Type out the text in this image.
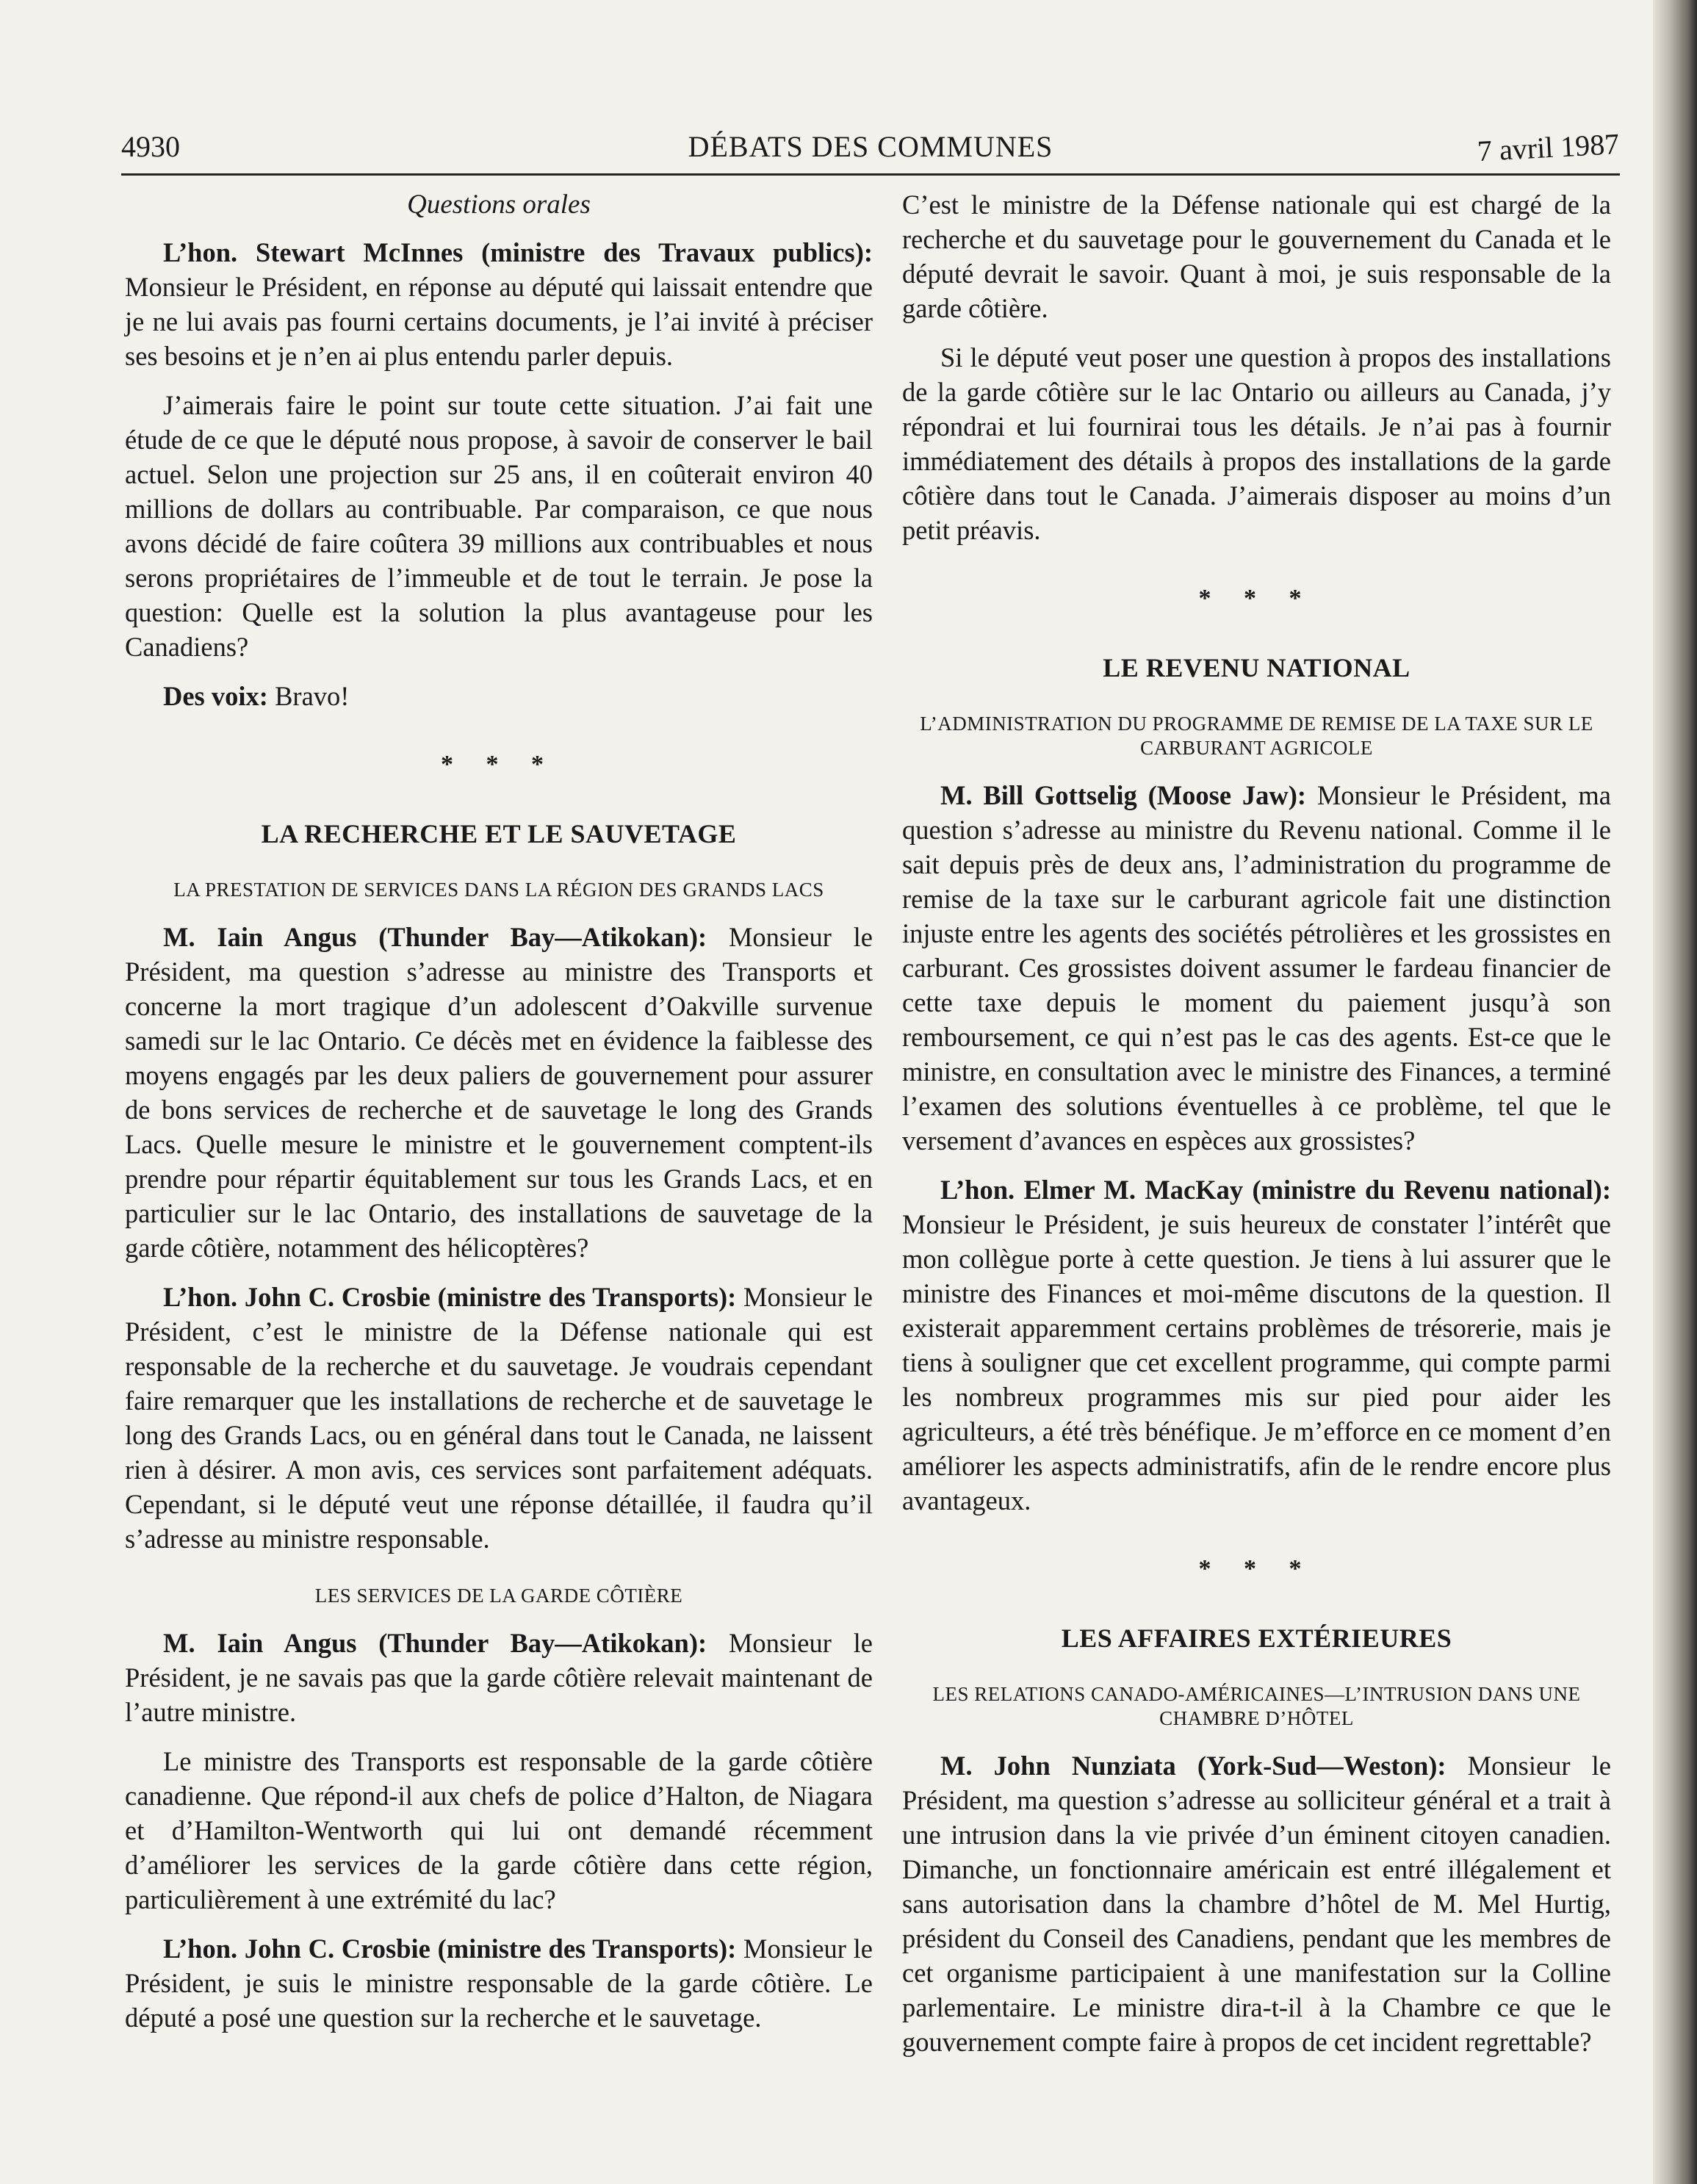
4930	DÉBATS DES COMMUNES	7 avril 1987
Questions orales

L’hon. Stewart McInnes (ministre des Travaux publics): Monsieur le Président, en réponse au député qui laissait entendre que je ne lui avais pas fourni certains documents, je l’ai invité à préciser ses besoins et je n’en ai plus entendu parler depuis.

J’aimerais faire le point sur toute cette situation. J’ai fait une étude de ce que le député nous propose, à savoir de conserver le bail actuel. Selon une projection sur 25 ans, il en coûterait environ 40 millions de dollars au contribuable. Par comparaison, ce que nous avons décidé de faire coûtera 39 millions aux contribuables et nous serons propriétaires de l’immeuble et de tout le terrain. Je pose la question: Quelle est la solution la plus avantageuse pour les Canadiens?

Des voix: Bravo!

* * *
LA RECHERCHE ET LE SAUVETAGE
LA PRESTATION DE SERVICES DANS LA RÉGION DES GRANDS LACS

M. Iain Angus (Thunder Bay—Atikokan): Monsieur le Président, ma question s’adresse au ministre des Transports et concerne la mort tragique d’un adolescent d’Oakville survenue samedi sur le lac Ontario. Ce décès met en évidence la faiblesse des moyens engagés par les deux paliers de gouvernement pour assurer de bons services de recherche et de sauvetage le long des Grands Lacs. Quelle mesure le ministre et le gouvernement comptent-ils prendre pour répartir équitablement sur tous les Grands Lacs, et en particulier sur le lac Ontario, des installations de sauvetage de la garde côtière, notamment des hélicoptères?

L’hon. John C. Crosbie (ministre des Transports): Monsieur le Président, c’est le ministre de la Défense nationale qui est responsable de la recherche et du sauvetage. Je voudrais cependant faire remarquer que les installations de recherche et de sauvetage le long des Grands Lacs, ou en général dans tout le Canada, ne laissent rien à désirer. A mon avis, ces services sont parfaitement adéquats. Cependant, si le député veut une réponse détaillée, il faudra qu’il s’adresse au ministre responsable.

LES SERVICES DE LA GARDE CÔTIÈRE

M. Iain Angus (Thunder Bay—Atikokan): Monsieur le Président, je ne savais pas que la garde côtière relevait maintenant de l’autre ministre.

Le ministre des Transports est responsable de la garde côtière canadienne. Que répond-il aux chefs de police d’Halton, de Niagara et d’Hamilton-Wentworth qui lui ont demandé récemment d’améliorer les services de la garde côtière dans cette région, particulièrement à une extrémité du lac?

L’hon. John C. Crosbie (ministre des Transports): Monsieur le Président, je suis le ministre responsable de la garde côtière. Le député a posé une question sur la recherche et le sauvetage.

C’est le ministre de la Défense nationale qui est chargé de la recherche et du sauvetage pour le gouvernement du Canada et le député devrait le savoir. Quant à moi, je suis responsable de la garde côtière.

Si le député veut poser une question à propos des installations de la garde côtière sur le lac Ontario ou ailleurs au Canada, j’y répondrai et lui fournirai tous les détails. Je n’ai pas à fournir immédiatement des détails à propos des installations de la garde côtière dans tout le Canada. J’aimerais disposer au moins d’un petit préavis.

* * *
LE REVENU NATIONAL
L’ADMINISTRATION DU PROGRAMME DE REMISE DE LA TAXE SUR LE CARBURANT AGRICOLE

M. Bill Gottselig (Moose Jaw): Monsieur le Président, ma question s’adresse au ministre du Revenu national. Comme il le sait depuis près de deux ans, l’administration du programme de remise de la taxe sur le carburant agricole fait une distinction injuste entre les agents des sociétés pétrolières et les grossistes en carburant. Ces grossistes doivent assumer le fardeau financier de cette taxe depuis le moment du paiement jusqu’à son remboursement, ce qui n’est pas le cas des agents. Est-ce que le ministre, en consultation avec le ministre des Finances, a terminé l’examen des solutions éventuelles à ce problème, tel que le versement d’avances en espèces aux grossistes?

L’hon. Elmer M. MacKay (ministre du Revenu national): Monsieur le Président, je suis heureux de constater l’intérêt que mon collègue porte à cette question. Je tiens à lui assurer que le ministre des Finances et moi-même discutons de la question. Il existerait apparemment certains problèmes de trésorerie, mais je tiens à souligner que cet excellent programme, qui compte parmi les nombreux programmes mis sur pied pour aider les agriculteurs, a été très bénéfique. Je m’efforce en ce moment d’en améliorer les aspects administratifs, afin de le rendre encore plus avantageux.

* * *
LES AFFAIRES EXTÉRIEURES
LES RELATIONS CANADO-AMÉRICAINES—L’INTRUSION DANS UNE CHAMBRE D’HÔTEL

M. John Nunziata (York-Sud—Weston): Monsieur le Président, ma question s’adresse au solliciteur général et a trait à une intrusion dans la vie privée d’un éminent citoyen canadien. Dimanche, un fonctionnaire américain est entré illégalement et sans autorisation dans la chambre d’hôtel de M. Mel Hurtig, président du Conseil des Canadiens, pendant que les membres de cet organisme participaient à une manifestation sur la Colline parlementaire. Le ministre dira-t-il à la Chambre ce que le gouvernement compte faire à propos de cet incident regrettable?
